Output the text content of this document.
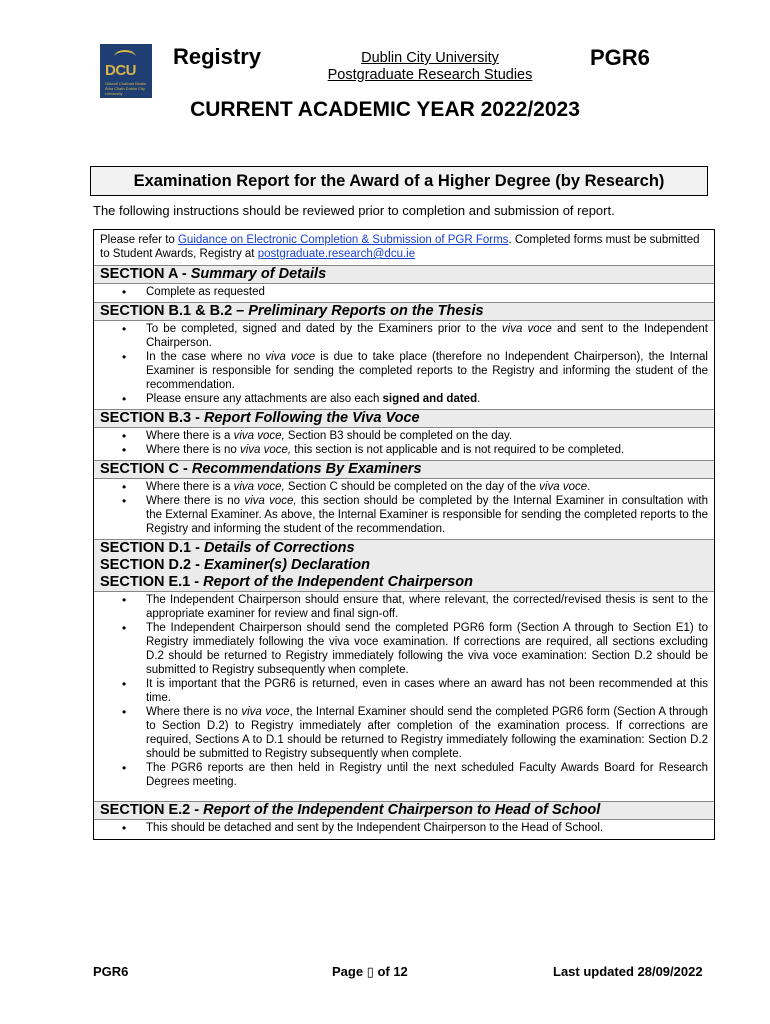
DCU
Ollscoil Chathair Bhaile Átha Cliath Dublin City University
Registry	Dublin City University
Postgraduate Research Studies
PGR6
CURRENT ACADEMIC YEAR 2022/2023
Examination Report for the Award of a Higher Degree (by Research)
The following instructions should be reviewed prior to completion and submission of report.
Please refer to Guidance on Electronic Completion & Submission of PGR Forms. Completed forms must be submitted to Student Awards, Registry at postgraduate.research@dcu.ie
SECTION A - Summary of Details
• Complete as requested
SECTION B.1 & B.2 – Preliminary Reports on the Thesis
• To be completed, signed and dated by the Examiners prior to the viva voce and sent to the Independent Chairperson.
• In the case where no viva voce is due to take place (therefore no Independent Chairperson), the Internal Examiner is responsible for sending the completed reports to the Registry and informing the student of the recommendation.
• Please ensure any attachments are also each signed and dated.
SECTION B.3 - Report Following the Viva Voce
• Where there is a viva voce, Section B3 should be completed on the day.
• Where there is no viva voce, this section is not applicable and is not required to be completed.
SECTION C - Recommendations By Examiners
• Where there is a viva voce, Section C should be completed on the day of the viva voce.
• Where there is no viva voce, this section should be completed by the Internal Examiner in consultation with the External Examiner. As above, the Internal Examiner is responsible for sending the completed reports to the Registry and informing the student of the recommendation.
SECTION D.1 - Details of Corrections
SECTION D.2 - Examiner(s) Declaration
SECTION E.1 - Report of the Independent Chairperson
• The Independent Chairperson should ensure that, where relevant, the corrected/revised thesis is sent to the appropriate examiner for review and final sign-off.
• The Independent Chairperson should send the completed PGR6 form (Section A through to Section E1) to Registry immediately following the viva voce examination. If corrections are required, all sections excluding D.2 should be returned to Registry immediately following the viva voce examination: Section D.2 should be submitted to Registry subsequently when complete.
• It is important that the PGR6 is returned, even in cases where an award has not been recommended at this time.
• Where there is no viva voce, the Internal Examiner should send the completed PGR6 form (Section A through to Section D.2) to Registry immediately after completion of the examination process. If corrections are required, Sections A to D.1 should be returned to Registry immediately following the examination: Section D.2 should be submitted to Registry subsequently when complete.
• The PGR6 reports are then held in Registry until the next scheduled Faculty Awards Board for Research Degrees meeting.
SECTION E.2 - Report of the Independent Chairperson to Head of School
• This should be detached and sent by the Independent Chairperson to the Head of School.
PGR6	Page ▯ of 12	Last updated 28/09/2022
